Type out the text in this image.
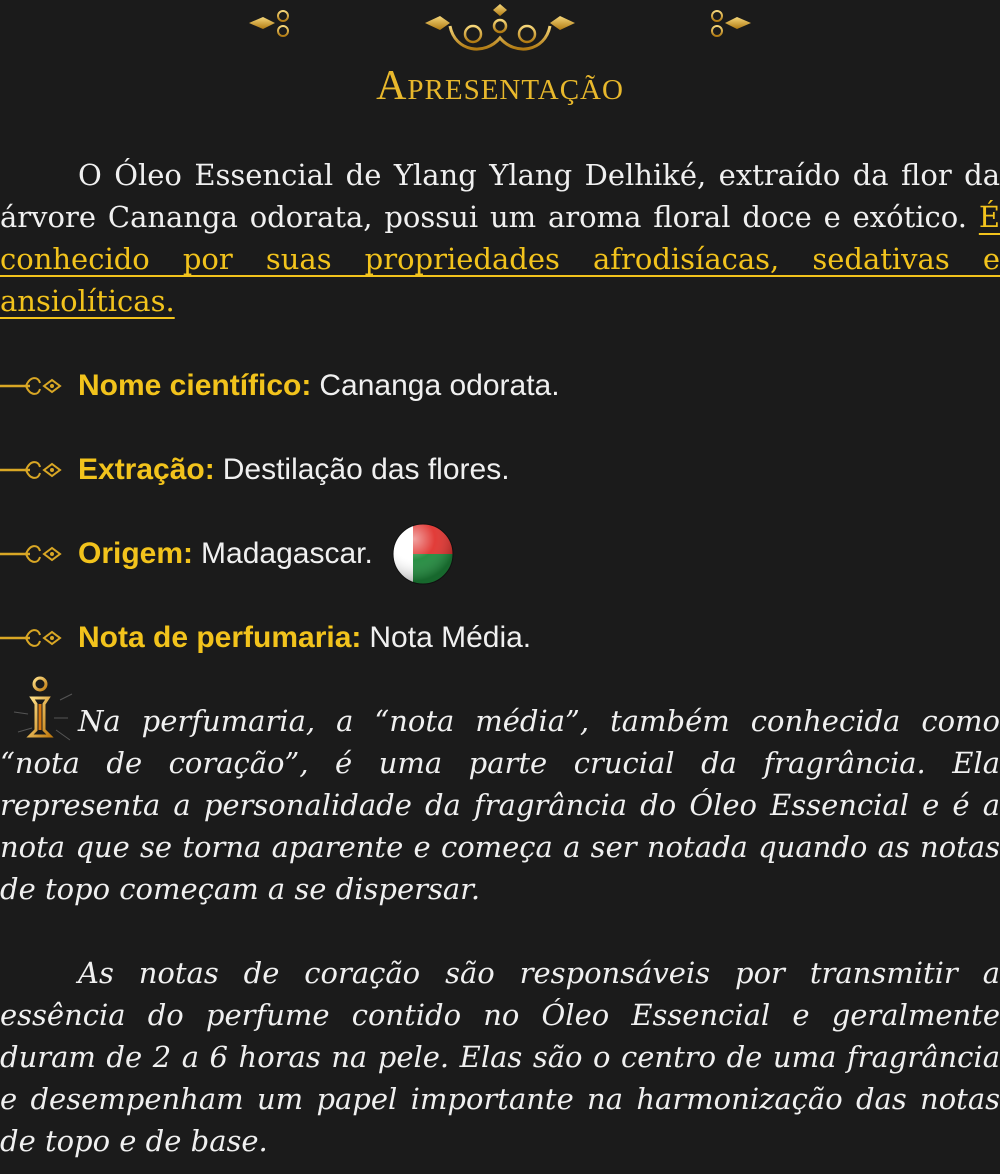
Apresentação

O Óleo Essencial de Ylang Ylang Delhiké, extraído da flor da árvore Cananga odorata, possui um aroma floral doce e exótico. É conhecido por suas propriedades afrodisíacas, sedativas e ansiolíticas.

Nome científico: Cananga odorata.
Extração: Destilação das flores.
Origem: Madagascar.
Nota de perfumaria: Nota Média.

Na perfumaria, a “nota média”, também conhecida como “nota de coração”, é uma parte crucial da fragrância. Ela representa a personalidade da fragrância do Óleo Essencial e é a nota que se torna aparente e começa a ser notada quando as notas de topo começam a se dispersar.

As notas de coração são responsáveis por transmitir a essência do perfume contido no Óleo Essencial e geralmente duram de 2 a 6 horas na pele. Elas são o centro de uma fragrância e desempenham um papel importante na harmonização das notas de topo e de base.
